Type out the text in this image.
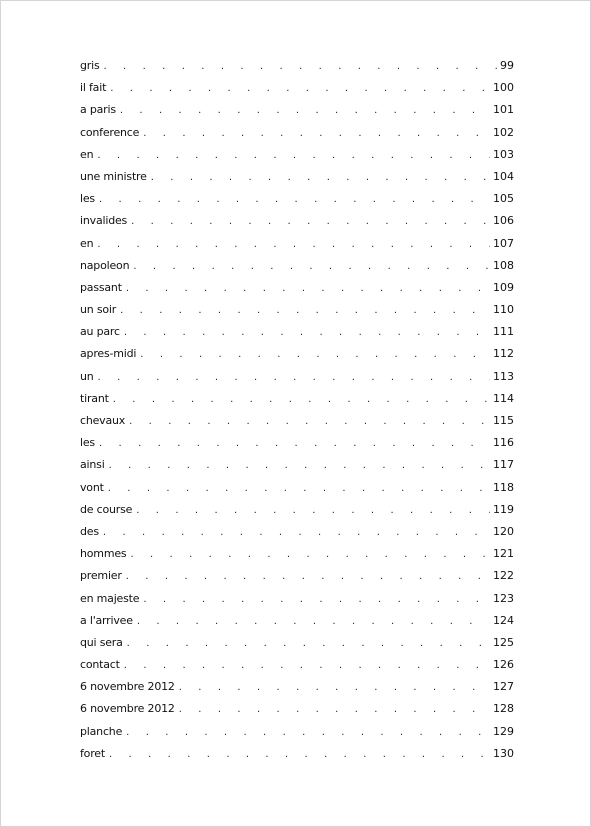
gris . . .	99
il fait . . .	100
a paris . . .	101
conference . . .	102
en . . .	103
une ministre . . .	104
les . . .	105
invalides . . .	106
en . . .	107
napoleon . . .	108
passant . . .	109
un soir . . .	110
au parc . . .	111
apres-midi . . .	112
un . . .	113
tirant . . .	114
chevaux . . .	115
les . . .	116
ainsi . . .	117
vont . . .	118
de course . . .	119
des . . .	120
hommes . . .	121
premier . . .	122
en majeste . . .	123
a l'arrivee . . .	124
qui sera . . .	125
contact . . .	126
6 novembre 2012 . . .	127
6 novembre 2012 . . .	128
planche . . .	129
foret . . .	130
